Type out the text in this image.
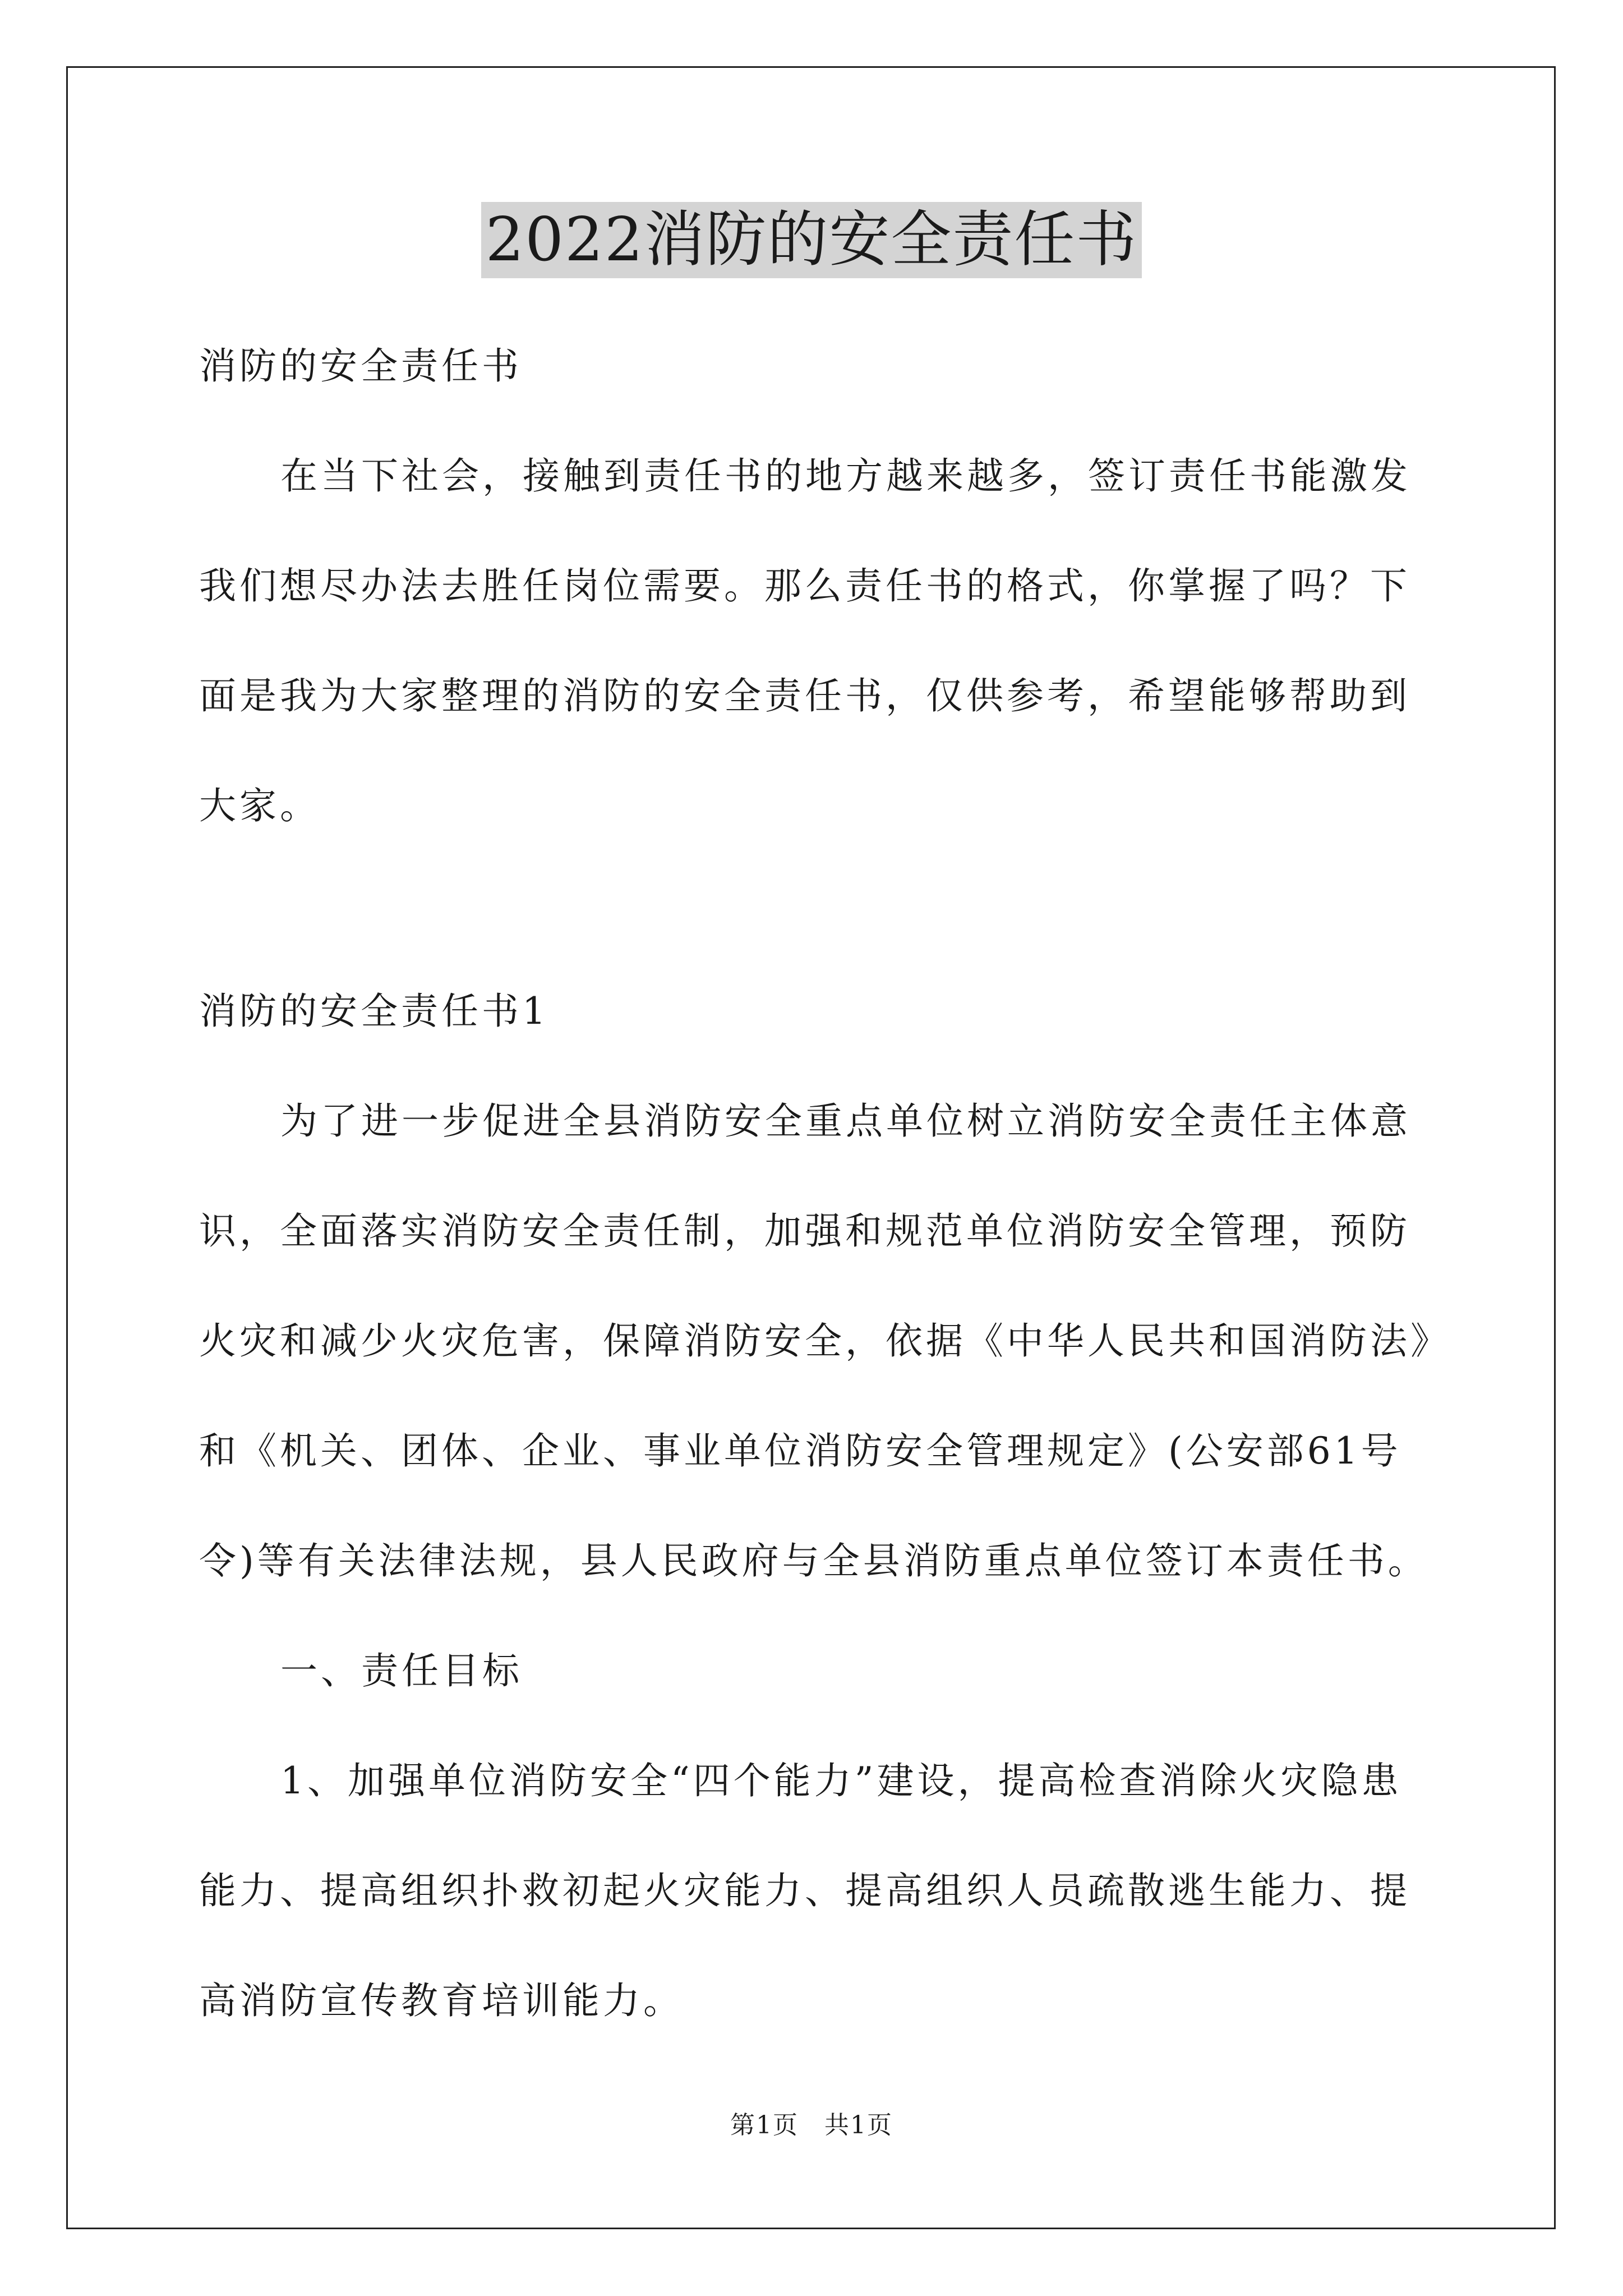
2022消防的安全责任书

消防的安全责任书

在当下社会，接触到责任书的地方越来越多，签订责任书能激发

我们想尽办法去胜任岗位需要。那么责任书的格式，你掌握了吗？下

面是我为大家整理的消防的安全责任书，仅供参考，希望能够帮助到

大家。

消防的安全责任书1

为了进一步促进全县消防安全重点单位树立消防安全责任主体意

识，全面落实消防安全责任制，加强和规范单位消防安全管理，预防

火灾和减少火灾危害，保障消防安全，依据《中华人民共和国消防法》

和《机关、团体、企业、事业单位消防安全管理规定》(公安部61号

令)等有关法律法规，县人民政府与全县消防重点单位签订本责任书。

一、责任目标

1、加强单位消防安全“四个能力”建设，提高检查消除火灾隐患

能力、提高组织扑救初起火灾能力、提高组织人员疏散逃生能力、提

高消防宣传教育培训能力。

第1页　共1页
